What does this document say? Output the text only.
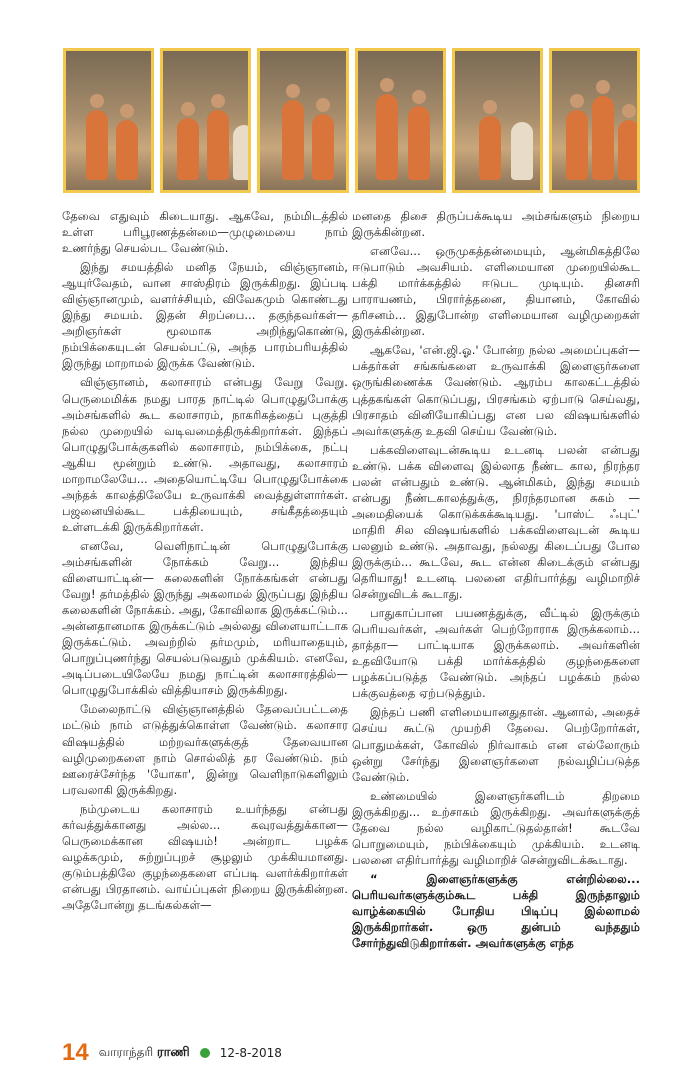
தேவை எதுவும் கிடையாது. ஆகவே, நம்மிடத்தில் உள்ள பரிபூரணத்தன்மை—முழுமையை நாம் உணர்ந்து செயல்பட வேண்டும்.

இந்து சமயத்தில் மனித நேயம், விஞ்ஞானம், ஆயுர்வேதம், வான சாஸ்திரம் இருக்கிறது. இப்படி விஞ்ஞானமும், வளர்ச்சியும், விவேகமும் கொண்டது இந்து சமயம். இதன் சிறப்பை... தகுந்தவர்கள்— அறிஞர்கள் மூலமாக அறிந்துகொண்டு, நம்பிக்கையுடன் செயல்பட்டு, அந்த பாரம்பரியத்தில் இருந்து மாறாமல் இருக்க வேண்டும்.

விஞ்ஞானம், கலாசாரம் என்பது வேறு வேறு. பெருமைமிக்க நமது பாரத நாட்டில் பொழுதுபோக்கு அம்சங்களில் கூட கலாசாரம், நாகரிகத்தைப் புகுத்தி நல்ல முறையில் வடிவமைத்திருக்கிறார்கள். இந்தப் பொழுதுபோக்குகளில் கலாசாரம், நம்பிக்கை, நட்பு ஆகிய மூன்றும் உண்டு. அதாவது, கலாசாரம் மாறாமலேயே... அதையொட்டியே பொழுதுபோக்கை அந்தக் காலத்திலேயே உருவாக்கி வைத்துள்ளார்கள். பஜனையில்கூட பக்தியையும், சங்கீதத்தையும் உள்ளடக்கி இருக்கிறார்கள்.

எனவே, வெளிநாட்டின் பொழுதுபோக்கு அம்சங்களின் நோக்கம் வேறு... இந்திய விளையாட்டின்— கலைகளின் நோக்கங்கள் என்பது வேறு! தர்மத்தில் இருந்து அகலாமல் இருப்பது இந்திய கலைகளின் நோக்கம். அது, கோவிலாக இருக்கட்டும்... அன்னதானமாக இருக்கட்டும் அல்லது விளையாட்டாக இருக்கட்டும். அவற்றில் தர்மமும், மரியாதையும், பொறுப்புணர்ந்து செயல்படுவதும் முக்கியம். எனவே, அடிப்படையிலேயே நமது நாட்டின் கலாசாரத்தில்—பொழுதுபோக்கில் வித்தியாசம் இருக்கிறது.

மேலைநாட்டு விஞ்ஞானத்தில் தேவைப்பட்டதை மட்டும் நாம் எடுத்துக்கொள்ள வேண்டும். கலாசார விஷயத்தில் மற்றவர்களுக்குத் தேவையான வழிமுறைகளை நாம் சொல்லித் தர வேண்டும். நம் ஊரைச்சேர்ந்த 'யோகா', இன்று வெளிநாடுகளிலும் பரவலாகி இருக்கிறது.

நம்முடைய கலாசாரம் உயர்ந்தது என்பது கர்வத்துக்கானது அல்ல... கவுரவத்துக்கான— பெருமைக்கான விஷயம்! அன்றாட பழக்க வழக்கமும், சுற்றுப்புறச் சூழலும் முக்கியமானது. குடும்பத்திலே குழந்தைகளை எப்படி வளர்க்கிறார்கள் என்பது பிரதானம். வாய்ப்புகள் நிறைய இருக்கின்றன. அதேபோன்று தடங்கல்கள்—

மனதை திசை திருப்பக்கூடிய அம்சங்களும் நிறைய இருக்கின்றன.

எனவே... ஒருமுகத்தன்மையும், ஆன்மிகத்திலே ஈடுபாடும் அவசியம். எளிமையான முறையில்கூட பக்தி மார்க்கத்தில் ஈடுபட முடியும். தினசரி பாராயணம், பிரார்த்தனை, தியானம், கோவில் தரிசனம்... இதுபோன்ற எளிமையான வழிமுறைகள் இருக்கின்றன.

ஆகவே, 'என்.ஜி.ஓ.' போன்ற நல்ல அமைப்புகள்— பக்தர்கள் சங்கங்களை உருவாக்கி இளைஞர்களை ஒருங்கிணைக்க வேண்டும். ஆரம்ப காலகட்டத்தில் புத்தகங்கள் கொடுப்பது, பிரசங்கம் ஏற்பாடு செய்வது, பிரசாதம் வினியோகிப்பது என பல விஷயங்களில் அவர்களுக்கு உதவி செய்ய வேண்டும்.

பக்கவிளைவுடன்கூடிய உடனடி பலன் என்பது உண்டு. பக்க விளைவு இல்லாத நீண்ட கால, நிரந்தர பலன் என்பதும் உண்டு. ஆன்மிகம், இந்து சமயம் என்பது நீண்டகாலத்துக்கு, நிரந்தரமான சுகம் — அமைதியைக் கொடுக்கக்கூடியது. 'பாஸ்ட் ஃபுட்' மாதிரி சில விஷயங்களில் பக்கவிளைவுடன் கூடிய பலனும் உண்டு. அதாவது, நல்லது கிடைப்பது போல இருக்கும்... கூடவே, கூட என்ன கிடைக்கும் என்பது தெரியாது! உடனடி பலனை எதிர்பார்த்து வழிமாறிச் சென்றுவிடக் கூடாது.

பாதுகாப்பான பயணத்துக்கு, வீட்டில் இருக்கும் பெரியவர்கள், அவர்கள் பெற்றோராக இருக்கலாம்... தாத்தா— பாட்டியாக இருக்கலாம். அவர்களின் உதவியோடு பக்தி மார்க்கத்தில் குழந்தைகளை பழக்கப்படுத்த வேண்டும். அந்தப் பழக்கம் நல்ல பக்குவத்தை ஏற்படுத்தும்.

இந்தப் பணி எளிமையானதுதான். ஆனால், அதைச் செய்ய கூட்டு முயற்சி தேவை. பெற்றோர்கள், பொதுமக்கள், கோவில் நிர்வாகம் என எல்லோரும் ஒன்று சேர்ந்து இளைஞர்களை நல்வழிப்படுத்த வேண்டும்.

உண்மையில் இளைஞர்களிடம் திறமை இருக்கிறது... உற்சாகம் இருக்கிறது. அவர்களுக்குத் தேவை நல்ல வழிகாட்டுதல்தான்! கூடவே பொறுமையும், நம்பிக்கையும் முக்கியம். உடனடி பலனை எதிர்பார்த்து வழிமாறிச் சென்றுவிடக்கூடாது.

“ இளைஞர்களுக்கு என்றில்லை... பெரியவர்களுக்கும்கூட பக்தி இருந்தாலும் வாழ்க்கையில் போதிய பிடிப்பு இல்லாமல் இருக்கிறார்கள். ஒரு துன்பம் வந்ததும் சோர்ந்துவிடுகிறார்கள். அவர்களுக்கு எந்த

14 வாராந்தரி ராணி	12-8-2018
